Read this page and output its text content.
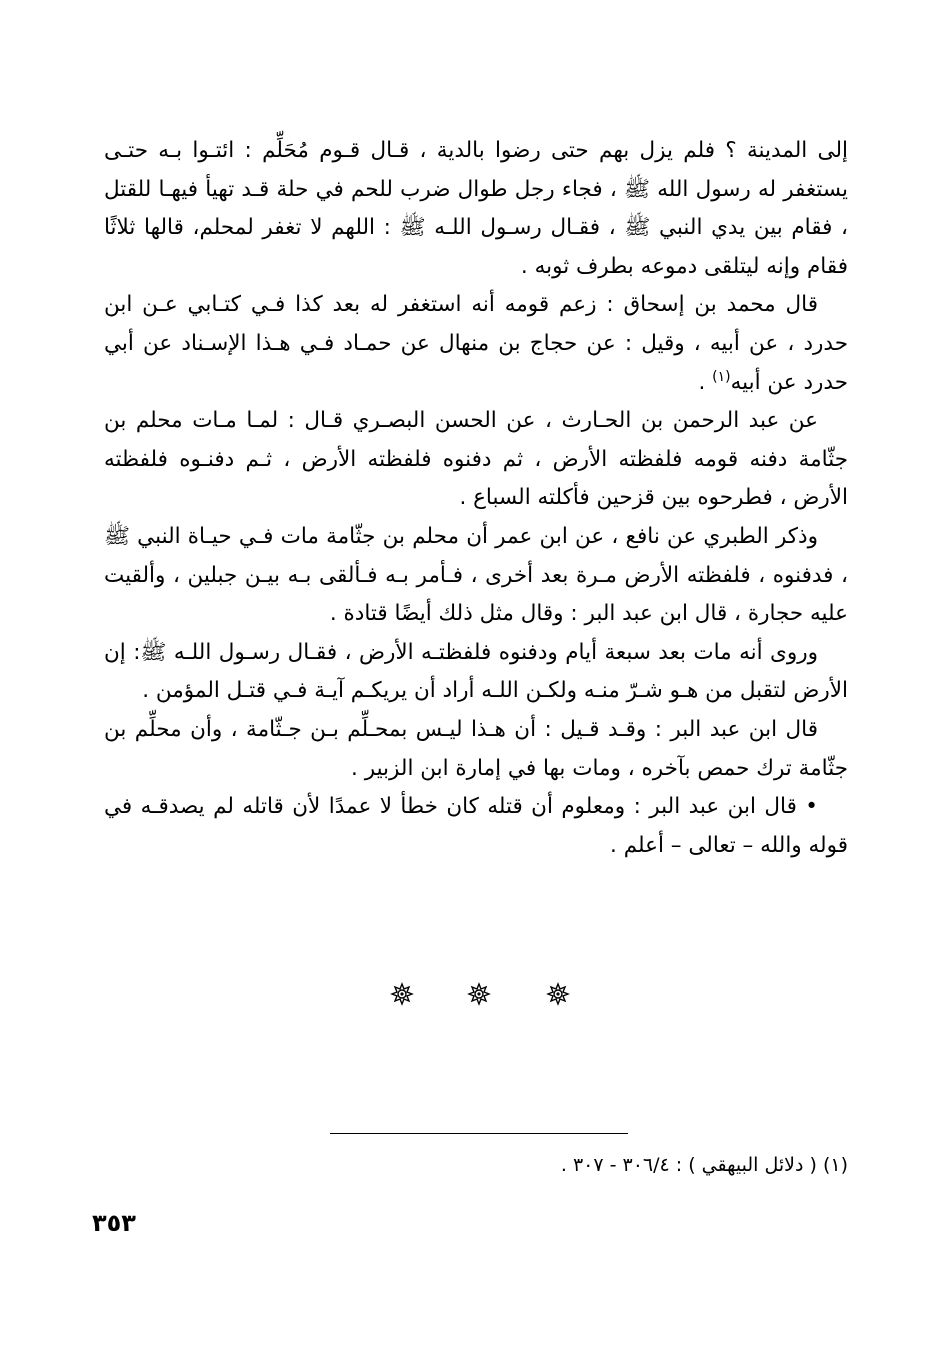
إلى المدينة ؟ فلم يزل بهم حتى رضوا بالدية ، قـال قـوم مُحَلِّم : ائتـوا بـه حتـى يستغفر له رسول الله ﷺ ، فجاء رجل طوال ضرب للحم في حلة قـد تهيأ فيهـا للقتل ، فقام بين يدي النبي ﷺ ، فقـال رسـول اللـه ﷺ : اللهم لا تغفر لمحلم، قالها ثلاثًا فقام وإنه ليتلقى دموعه بطرف ثوبه .

قال محمد بن إسحاق : زعم قومه أنه استغفر له بعد كذا فـي كتـابي عـن ابن حدرد ، عن أبيه ، وقيل : عن حجاج بن منهال عن حمـاد فـي هـذا الإسـناد عن أبي حدرد عن أبيه$^{(١)}$ .

عن عبد الرحمن بن الحـارث ، عن الحسن البصـري قـال : لمـا مـات محلم بن جثّامة دفنه قومه فلفظته الأرض ، ثم دفنوه فلفظته الأرض ، ثـم دفنـوه فلفظته الأرض ، فطرحوه بين قزحين فأكلته السباع .

وذكر الطبري عن نافع ، عن ابن عمر أن محلم بن جثّامة مات فـي حيـاة النبي ﷺ ، فدفنوه ، فلفظته الأرض مـرة بعد أخرى ، فـأمر بـه فـألقى بـه بيـن جبلين ، وألقيت عليه حجارة ، قال ابن عبد البر : وقال مثل ذلك أيضًا قتادة .

وروى أنه مات بعد سبعة أيام ودفنوه فلفظتـه الأرض ، فقـال رسـول اللـه ﷺ: إن الأرض لتقبل من هـو شـرّ منـه ولكـن اللـه أراد أن يريكـم آيـة فـي قتـل المؤمن .

قال ابن عبد البر : وقـد قـيل : أن هـذا ليـس بمحـلِّم بـن جـثّامة ، وأن محلِّم بن جثّامة ترك حمص بآخره ، ومات بها في إمارة ابن الزبير .

• قال ابن عبد البر : ومعلوم أن قتله كان خطأ لا عمدًا لأن قاتله لم يصدقـه في قوله والله – تعالى – أعلم .

(١) ( دلائل البيهقي ) : ٣٠٦/٤ - ٣٠٧ .
٣٥٣
